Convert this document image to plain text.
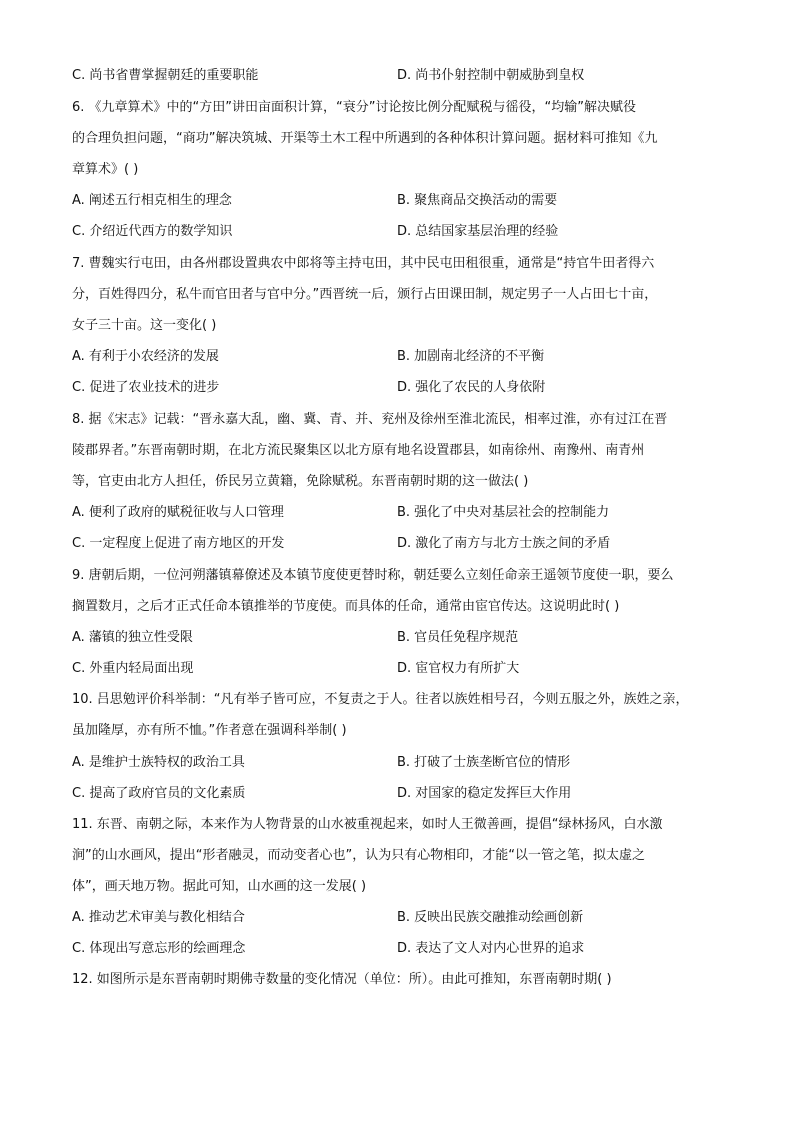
C. 尚书省曹掌握朝廷的重要职能	D. 尚书仆射控制中朝威胁到皇权
6. 《九章算术》中的“方田”讲田亩面积计算，“衰分”讨论按比例分配赋税与徭役，“均输”解决赋役
的合理负担问题，“商功”解决筑城、开渠等土木工程中所遇到的各种体积计算问题。据材料可推知《九
章算术》( )
A. 阐述五行相克相生的理念	B. 聚焦商品交换活动的需要
C. 介绍近代西方的数学知识	D. 总结国家基层治理的经验
7. 曹魏实行屯田，由各州郡设置典农中郎将等主持屯田，其中民屯田租很重，通常是“持官牛田者得六
分，百姓得四分，私牛而官田者与官中分。”西晋统一后，颁行占田课田制，规定男子一人占田七十亩，
女子三十亩。这一变化( )
A. 有利于小农经济的发展	B. 加剧南北经济的不平衡
C. 促进了农业技术的进步	D. 强化了农民的人身依附
8. 据《宋志》记载：“晋永嘉大乱，幽、冀、青、并、兖州及徐州至淮北流民，相率过淮，亦有过江在晋
陵郡界者。”东晋南朝时期，在北方流民聚集区以北方原有地名设置郡县，如南徐州、南豫州、南青州
等，官吏由北方人担任，侨民另立黄籍，免除赋税。东晋南朝时期的这一做法( )
A. 便利了政府的赋税征收与人口管理	B. 强化了中央对基层社会的控制能力
C. 一定程度上促进了南方地区的开发	D. 激化了南方与北方士族之间的矛盾
9. 唐朝后期，一位河朔藩镇幕僚述及本镇节度使更替时称，朝廷要么立刻任命亲王遥领节度使一职，要么
搁置数月，之后才正式任命本镇推举的节度使。而具体的任命，通常由宦官传达。这说明此时( )
A. 藩镇的独立性受限	B. 官员任免程序规范
C. 外重内轻局面出现	D. 宦官权力有所扩大
10. 吕思勉评价科举制：“凡有举子皆可应，不复责之于人。往者以族姓相号召，今则五服之外，族姓之亲，
虽加隆厚，亦有所不恤。”作者意在强调科举制( )
A. 是维护士族特权的政治工具	B. 打破了士族垄断官位的情形
C. 提高了政府官员的文化素质	D. 对国家的稳定发挥巨大作用
11. 东晋、南朝之际，本来作为人物背景的山水被重视起来，如时人王微善画，提倡“绿林扬风，白水激
涧”的山水画风，提出“形者融灵，而动变者心也”，认为只有心物相印，才能“以一管之笔，拟太虚之
体”，画天地万物。据此可知，山水画的这一发展( )
A. 推动艺术审美与教化相结合	B. 反映出民族交融推动绘画创新
C. 体现出写意忘形的绘画理念	D. 表达了文人对内心世界的追求
12. 如图所示是东晋南朝时期佛寺数量的变化情况（单位：所）。由此可推知，东晋南朝时期( )
